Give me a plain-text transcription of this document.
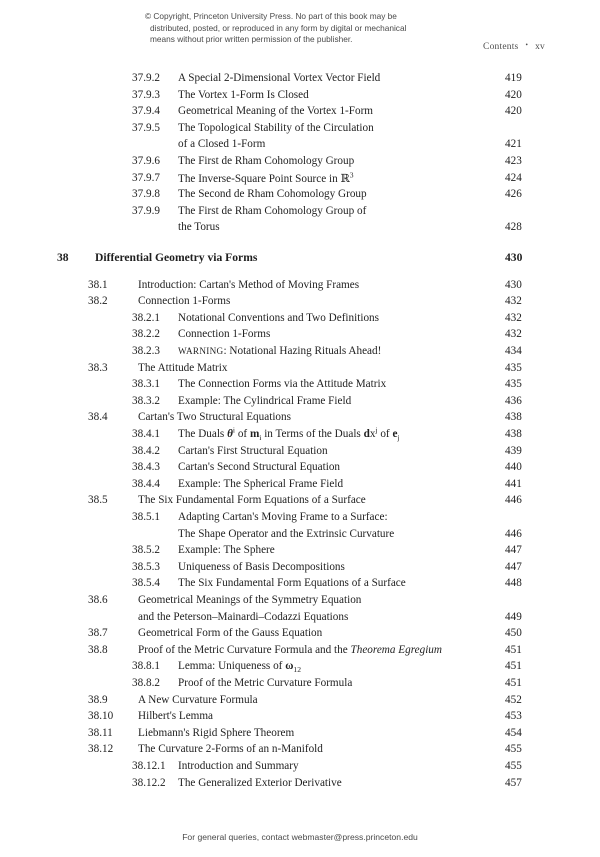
© Copyright, Princeton University Press. No part of this book may be
distributed, posted, or reproduced in any form by digital or mechanical
means without prior written permission of the publisher.
Contents • xv
37.9.2 A Special 2-Dimensional Vortex Vector Field	419
37.9.3 The Vortex 1-Form Is Closed	420
37.9.4 Geometrical Meaning of the Vortex 1-Form	420
37.9.5 The Topological Stability of the Circulation
of a Closed 1-Form	421
37.9.6 The First de Rham Cohomology Group	423
37.9.7 The Inverse-Square Point Source in ℝ$^3$	424
37.9.8 The Second de Rham Cohomology Group	426
37.9.9 The First de Rham Cohomology Group of
the Torus	428
38 Differential Geometry via Forms	430
38.1	Introduction: Cartan's Method of Moving Frames	430
38.2	Connection 1-Forms	432
38.2.1 Notational Conventions and Two Definitions	432
38.2.2 Connection 1-Forms	432
38.2.3 WARNING: Notational Hazing Rituals Ahead!	434
38.3	The Attitude Matrix	435
38.3.1 The Connection Forms via the Attitude Matrix	435
38.3.2 Example: The Cylindrical Frame Field	436
38.4	Cartan's Two Structural Equations	438
38.4.1 The Duals $\theta^i$ of $m_i$ in Terms of the Duals $dx^j$ of $e_j$	438
38.4.2 Cartan's First Structural Equation	439
38.4.3 Cartan's Second Structural Equation	440
38.4.4 Example: The Spherical Frame Field	441
38.5	The Six Fundamental Form Equations of a Surface	446
38.5.1 Adapting Cartan's Moving Frame to a Surface:
The Shape Operator and the Extrinsic Curvature	446
38.5.2 Example: The Sphere	447
38.5.3 Uniqueness of Basis Decompositions	447
38.5.4 The Six Fundamental Form Equations of a Surface	448
38.6	Geometrical Meanings of the Symmetry Equation
and the Peterson–Mainardi–Codazzi Equations	449
38.7	Geometrical Form of the Gauss Equation	450
38.8	Proof of the Metric Curvature Formula and the Theorema Egregium	451
38.8.1 Lemma: Uniqueness of $\omega_{12}$	451
38.8.2 Proof of the Metric Curvature Formula	451
38.9	A New Curvature Formula	452
38.10 Hilbert's Lemma	453
38.11 Liebmann's Rigid Sphere Theorem	454
38.12 The Curvature 2-Forms of an n-Manifold	455
38.12.1 Introduction and Summary	455
38.12.2 The Generalized Exterior Derivative	457
For general queries, contact webmaster@press.princeton.edu
